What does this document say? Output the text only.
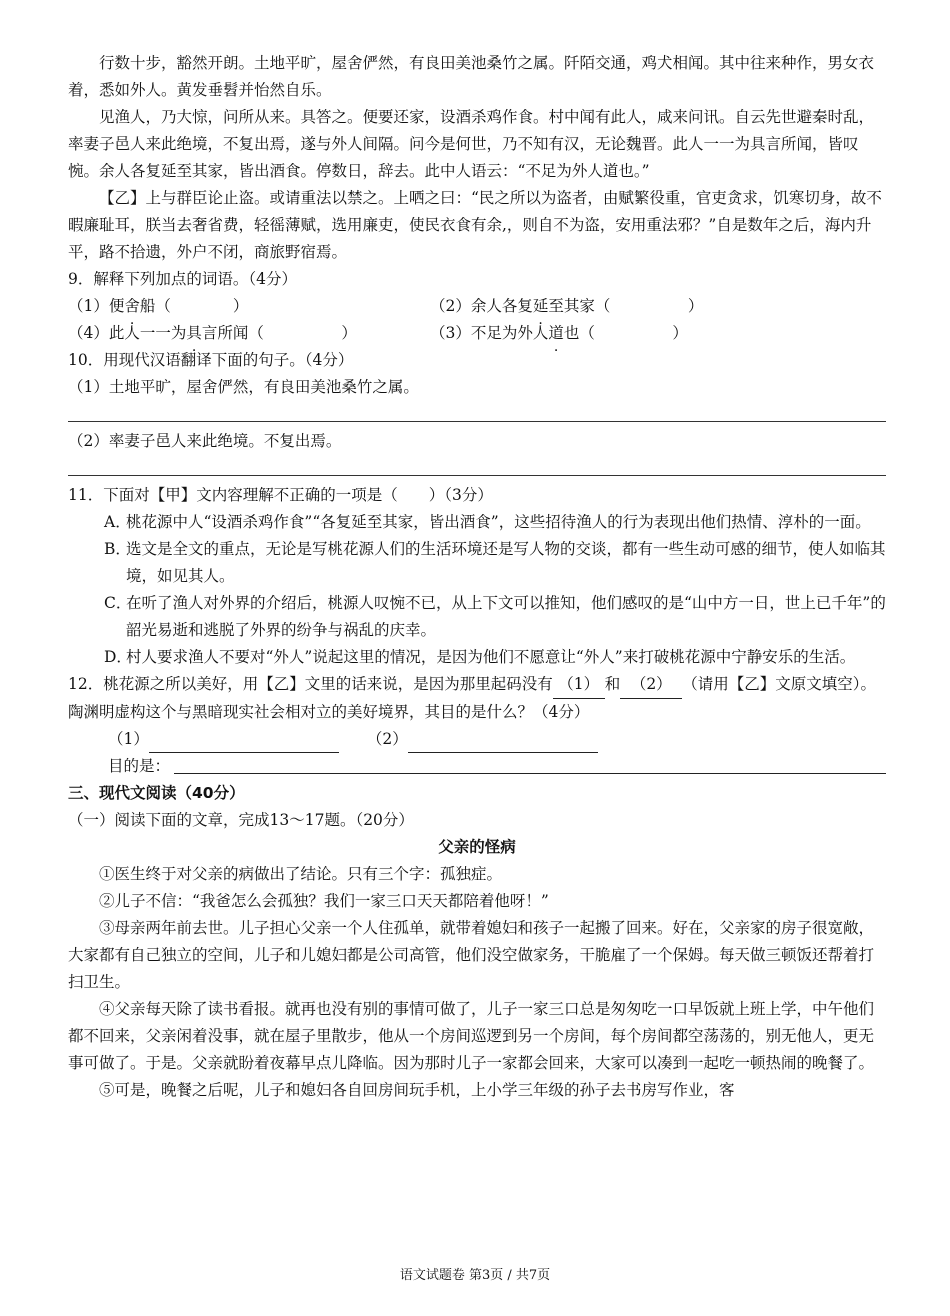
行数十步，豁然开朗。土地平旷，屋舍俨然，有良田美池桑竹之属。阡陌交通，鸡犬相闻。其中往来种作，男女衣着，悉如外人。黄发垂髫并怡然自乐。

见渔人，乃大惊，问所从来。具答之。便要还家，设酒杀鸡作食。村中闻有此人，咸来问讯。自云先世避秦时乱，率妻子邑人来此绝境，不复出焉，遂与外人间隔。问今是何世，乃不知有汉，无论魏晋。此人一一为具言所闻，皆叹惋。余人各复延至其家，皆出酒食。停数日，辞去。此中人语云：“不足为外人道也。”

【乙】上与群臣论止盗。或请重法以禁之。上哂之曰：“民之所以为盗者，由赋繁役重，官吏贪求，饥寒切身，故不暇廉耻耳，朕当去奢省费，轻徭薄赋，选用廉吏，使民衣食有余,，则自不为盗，安用重法邪？”自是数年之后，海内升平，路不拾遗，外户不闭，商旅野宿焉。

9．解释下列加点的词语。（4分）

（1）便舍船（　　　　）	（2）余人各复延至其家（　　　　　）
（4）此人一一为具言所闻（　　　　　）	（3）不足为外人道也（　　　　　）

10．用现代汉语翻译下面的句子。（4分）

（1）土地平旷，屋舍俨然，有良田美池桑竹之属。

（2）率妻子邑人来此绝境。不复出焉。

11．下面对【甲】文内容理解不正确的一项是（　　）（3分）

A．
桃花源中人“设酒杀鸡作食”“各复延至其家，皆出酒食”，这些招待渔人的行为表现出他们热情、淳朴的一面。
B．
选文是全文的重点，无论是写桃花源人们的生活环境还是写人物的交谈，都有一些生动可感的细节，使人如临其境，如见其人。
C．
在听了渔人对外界的介绍后，桃源人叹惋不已，从上下文可以推知，他们感叹的是“山中方一日，世上已千年”的韶光易逝和逃脱了外界的纷争与祸乱的庆幸。
D．
村人要求渔人不要对“外人”说起这里的情况，是因为他们不愿意让“外人”来打破桃花源中宁静安乐的生活。

12．桃花源之所以美好，用【乙】文里的话来说，是因为那里起码没有 （1） 和 （2） （请用【乙】文原文填空）。陶渊明虚构这个与黑暗现实社会相对立的美好境界，其目的是什么？（4分）

（1）	（2）
目的是：

三、现代文阅读（40分）

（一）阅读下面的文章，完成13～17题。（20分）

父亲的怪病

①医生终于对父亲的病做出了结论。只有三个字：孤独症。

②儿子不信：“我爸怎么会孤独？我们一家三口天天都陪着他呀！”

③母亲两年前去世。儿子担心父亲一个人住孤单，就带着媳妇和孩子一起搬了回来。好在，父亲家的房子很宽敞，大家都有自己独立的空间，儿子和儿媳妇都是公司高管，他们没空做家务，干脆雇了一个保姆。每天做三顿饭还帮着打扫卫生。

④父亲每天除了读书看报。就再也没有别的事情可做了，儿子一家三口总是匆匆吃一口早饭就上班上学，中午他们都不回来，父亲闲着没事，就在屋子里散步，他从一个房间巡逻到另一个房间，每个房间都空荡荡的，别无他人，更无事可做了。于是。父亲就盼着夜幕早点儿降临。因为那时儿子一家都会回来，大家可以凑到一起吃一顿热闹的晚餐了。

⑤可是，晚餐之后呢，儿子和媳妇各自回房间玩手机，上小学三年级的孙子去书房写作业，客

语文试题卷 第3页 / 共7页
